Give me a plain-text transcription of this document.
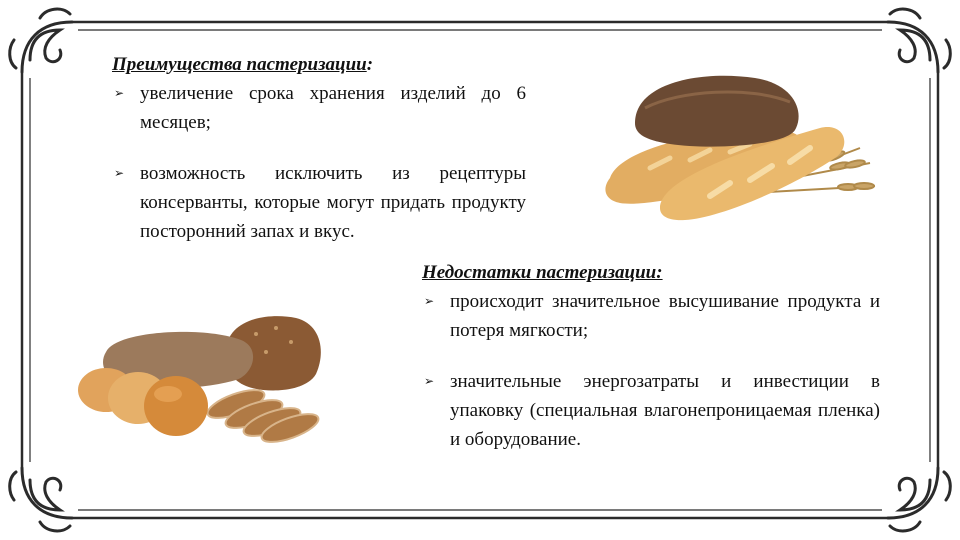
Преимущества пастеризации:
➢ увеличение срока хранения изделий до 6 месяцев;
➢ возможность исключить из рецептуры консерванты, которые могут придать продукту посторонний запах и вкус.
Недостатки пастеризации:
➢ происходит значительное высушивание продукта и потеря мягкости;
➢ значительные энергозатраты и инвестиции в упаковку (специальная влагонепроницаемая пленка) и оборудование.
